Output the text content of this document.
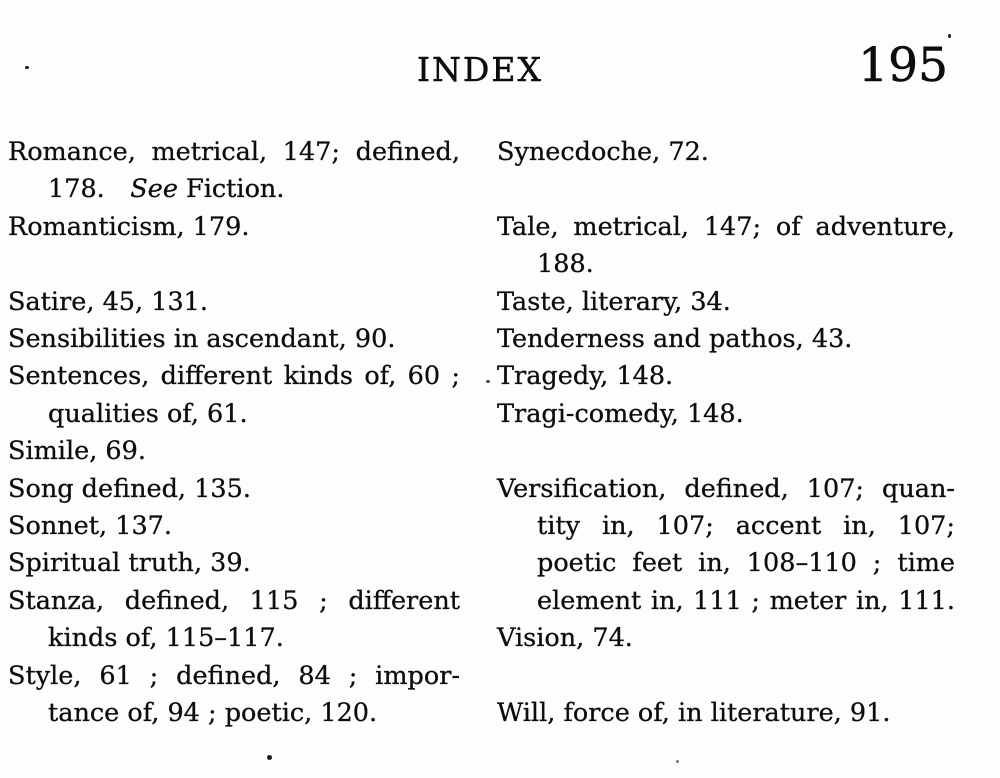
INDEX	195
Romance, metrical, 147; defined,
178. See Fiction.
Romanticism, 179.
Satire, 45, 131.
Sensibilities in ascendant, 90.
Sentences, different kinds of, 60 ;
qualities of, 61.
Simile, 69.
Song defined, 135.
Sonnet, 137.
Spiritual truth, 39.
Stanza, defined, 115 ; different
kinds of, 115–117.
Style, 61 ; defined, 84 ; impor-
tance of, 94 ; poetic, 120.
Synecdoche, 72.
Tale, metrical, 147; of adventure,
188.
Taste, literary, 34.
Tenderness and pathos, 43.
Tragedy, 148.
Tragi-comedy, 148.
Versification, defined, 107; quan-
tity in, 107; accent in, 107;
poetic feet in, 108–110 ; time
element in, 111 ; meter in, 111.
Vision, 74.
Will, force of, in literature, 91.
